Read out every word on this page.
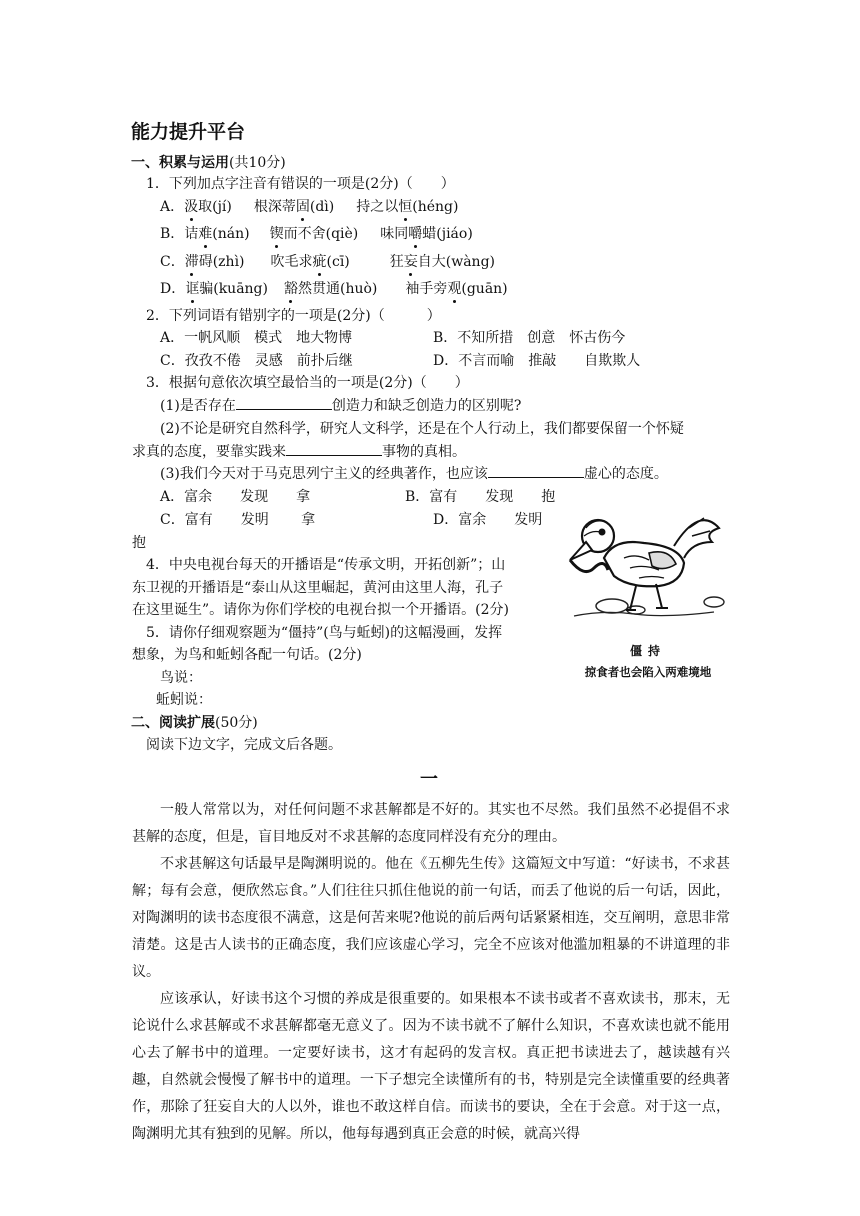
能力提升平台
一、积累与运用(共10分)
1．下列加点字注音有错误的一项是(2分)（　　）
A．汲取(jí) 根深蒂固(dì) 持之以恒(héng)
B．诘难(nán) 锲而不舍(qiè) 味同嚼蜡(jiáo)
C．滞碍(zhì) 吹毛求疵(cī)	狂妄自大(wàng)
D．诓骗(kuāng) 豁然贯通(huò) 袖手旁观(guān)
2．下列词语有错别字的一项是(2分)（　　　）
A．一帆风顺　模式　地大物博	B．不知所措　创意　怀古伤今
C．孜孜不倦　灵感　前扑后继	D．不言而喻　推敲　　自欺欺人
3．根据句意依次填空最恰当的一项是(2分)（　　）
(1)是否存在	创造力和缺乏创造力的区别呢?
(2)不论是研究自然科学，研究人文科学，还是在个人行动上，我们都要保留一个怀疑
求真的态度，要靠实践来	事物的真相。
(3)我们今天对于马克思列宁主义的经典著作，也应该	虚心的态度。
A．富余　　发现　　拿	B．富有　　发现　　抱
C．富有　　发明　　 拿	D．富余　　发明
抱
4．中央电视台每天的开播语是“传承文明，开拓创新”；山
东卫视的开播语是“泰山从这里崛起，黄河由这里人海，孔子
在这里诞生”。请你为你们学校的电视台拟一个开播语。(2分)
5．请你仔细观察题为“僵持”(鸟与蚯蚓)的这幅漫画，发挥
想象，为鸟和蚯蚓各配一句话。(2分)
鸟说：
蚯蚓说：
僵持
掠食者也会陷入两难境地
二、阅读扩展(50分)
阅读下边文字，完成文后各题。
一
一般人常常以为，对任何问题不求甚解都是不好的。其实也不尽然。我们虽然不必提倡不求甚解的态度，但是，盲目地反对不求甚解的态度同样没有充分的理由。
不求甚解这句话最早是陶渊明说的。他在《五柳先生传》这篇短文中写道：“好读书，不求甚解；每有会意，便欣然忘食。”人们往往只抓住他说的前一句话，而丢了他说的后一句话，因此，对陶渊明的读书态度很不满意，这是何苦来呢?他说的前后两句话紧紧相连，交互阐明，意思非常清楚。这是古人读书的正确态度，我们应该虚心学习，完全不应该对他滥加粗暴的不讲道理的非议。
应该承认，好读书这个习惯的养成是很重要的。如果根本不读书或者不喜欢读书，那末，无论说什么求甚解或不求甚解都毫无意义了。因为不读书就不了解什么知识，不喜欢读也就不能用心去了解书中的道理。一定要好读书，这才有起码的发言权。真正把书读进去了，越读越有兴趣，自然就会慢慢了解书中的道理。一下子想完全读懂所有的书，特别是完全读懂重要的经典著作，那除了狂妄自大的人以外，谁也不敢这样自信。而读书的要诀，全在于会意。对于这一点，陶渊明尤其有独到的见解。所以，他每每遇到真正会意的时候，就高兴得
